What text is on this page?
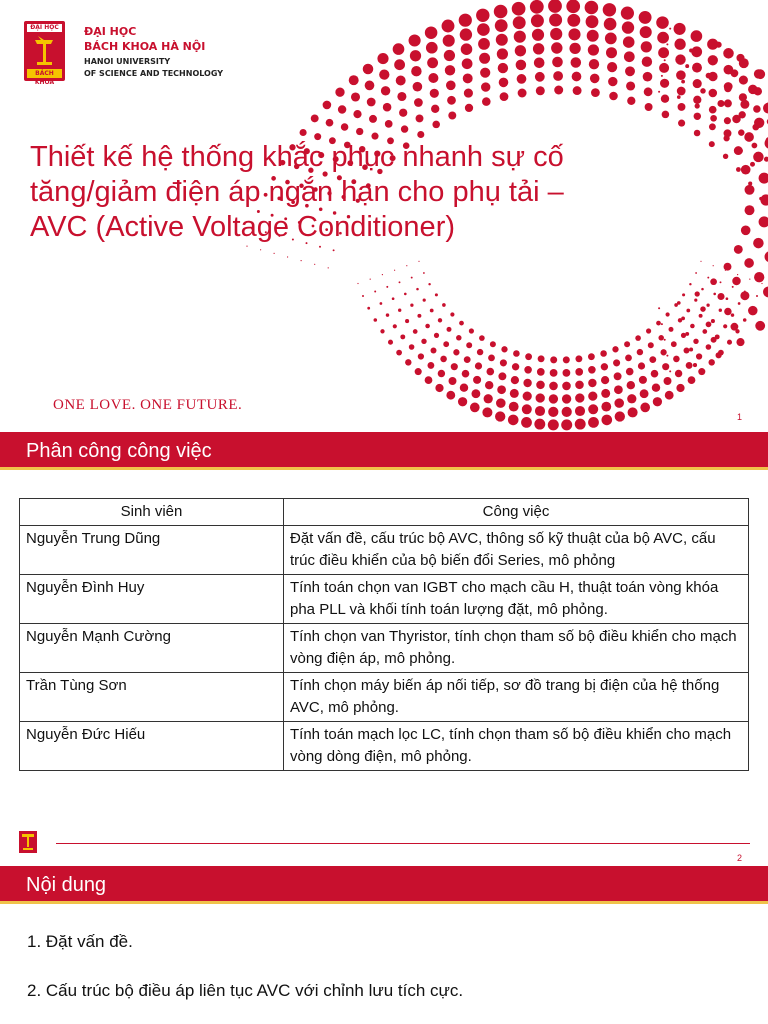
ĐẠI HỌC
BÁCH KHOA
ĐẠI HỌC
BÁCH KHOA HÀ NỘI
HANOI UNIVERSITY
OF SCIENCE AND TECHNOLOGY
Thiết kế hệ thống khắc phục nhanh sự cố tăng/giảm điện áp ngắn hạn cho phụ tải – AVC (Active Voltage Conditioner)
ONE LOVE. ONE FUTURE.
1
Phân công công việc
Sinh viên	Công việc
Nguyễn Trung Dũng	Đặt vấn đề, cấu trúc bộ AVC, thông số kỹ thuật của bộ AVC, cấu trúc điều khiển của bộ biến đổi Series, mô phỏng
Nguyễn Đình Huy	Tính toán chọn van IGBT cho mạch cầu H, thuật toán vòng khóa pha PLL và khối tính toán lượng đặt, mô phỏng.
Nguyễn Mạnh Cường	Tính chọn van Thyristor, tính chọn tham số bộ điều khiển cho mạch vòng điện áp, mô phỏng.
Trần Tùng Sơn	Tính chọn máy biến áp nối tiếp, sơ đồ trang bị điện của hệ thống AVC, mô phỏng.
Nguyễn Đức Hiếu	Tính toán mạch lọc LC, tính chọn tham số bộ điều khiển cho mạch vòng dòng điện, mô phỏng.
2
Nội dung
1. Đặt vấn đề.
2. Cấu trúc bộ điều áp liên tục AVC với chỉnh lưu tích cực.
